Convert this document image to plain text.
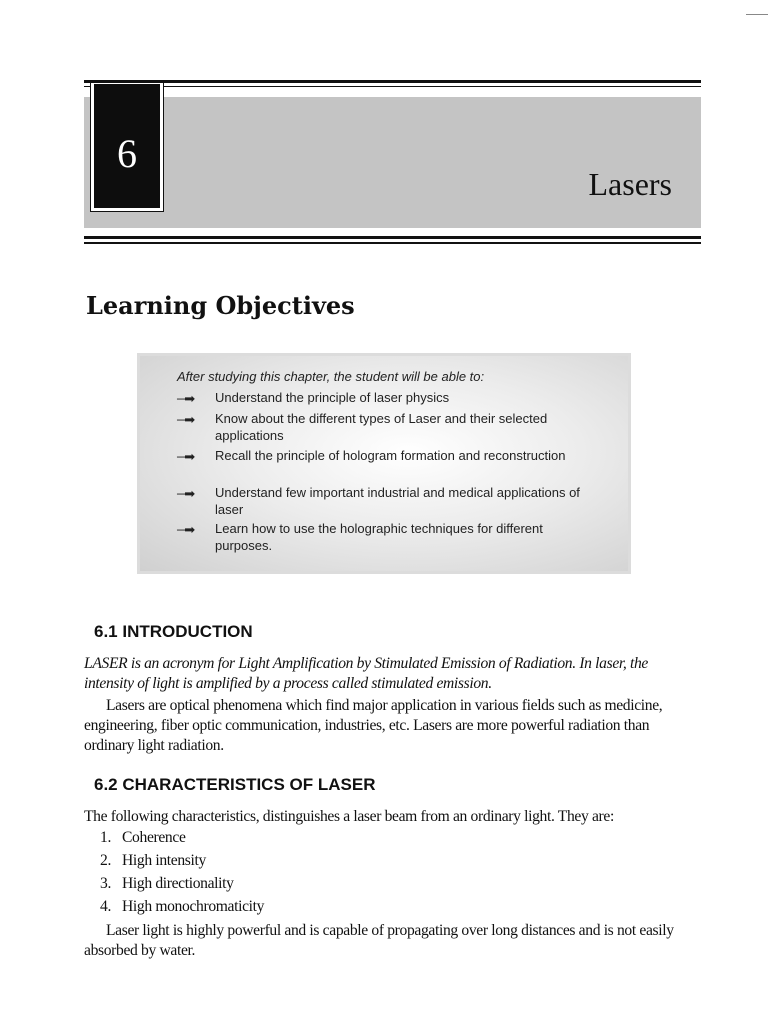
6
Lasers
Learning Objectives
After studying this chapter, the student will be able to:
─➡	Understand the principle of laser physics
─➡	Know about the different types of Laser and their selected applications
─➡	Recall the principle of hologram formation and reconstruction
─➡	Understand few important industrial and medical applications of laser
─➡	Learn how to use the holographic techniques for different purposes.
6.1 INTRODUCTION
LASER is an acronym for Light Amplification by Stimulated Emission of Radiation. In laser, the intensity of light is amplified by a process called stimulated emission.
Lasers are optical phenomena which find major application in various fields such as medicine, engineering, fiber optic communication, industries, etc. Lasers are more powerful radiation than ordinary light radiation.
6.2 CHARACTERISTICS OF LASER
The following characteristics, distinguishes a laser beam from an ordinary light. They are:
1. Coherence
2. High intensity
3. High directionality
4. High monochromaticity
Laser light is highly powerful and is capable of propagating over long distances and is not easily absorbed by water.
